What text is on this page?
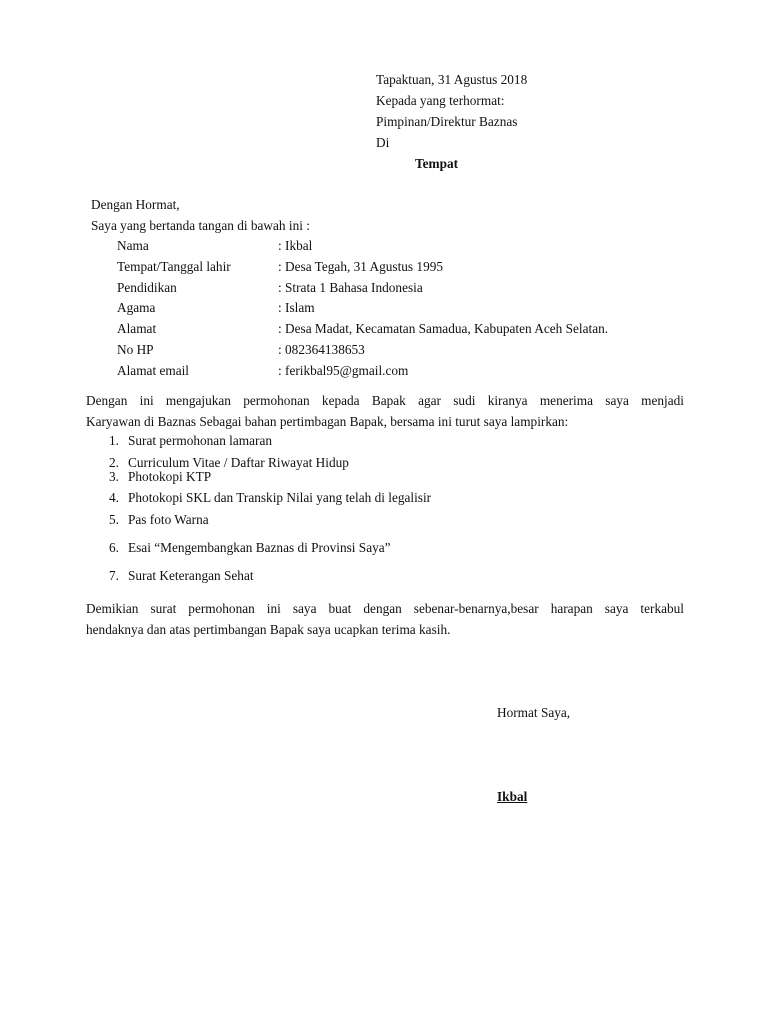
Tapaktuan, 31 Agustus 2018
Kepada yang terhormat:
Pimpinan/Direktur Baznas
Di
Tempat
Dengan Hormat,
Saya yang bertanda tangan di bawah ini :
Nama	: Ikbal
Tempat/Tanggal lahir	: Desa Tegah, 31 Agustus 1995
Pendidikan	: Strata 1 Bahasa Indonesia
Agama	: Islam
Alamat	: Desa Madat, Kecamatan Samadua, Kabupaten Aceh Selatan.
No HP	: 082364138653
Alamat email	: ferikbal95@gmail.com
Dengan ini mengajukan permohonan kepada Bapak agar sudi kiranya menerima saya menjadi
Karyawan di Baznas Sebagai bahan pertimbagan Bapak, bersama ini turut saya lampirkan:
1. Surat permohonan lamaran
2. Curriculum Vitae / Daftar Riwayat Hidup
3. Photokopi KTP
4. Photokopi SKL dan Transkip Nilai yang telah di legalisir
5. Pas foto Warna
6. Esai “Mengembangkan Baznas di Provinsi Saya”
7. Surat Keterangan Sehat
Demikian surat permohonan ini saya buat dengan sebenar-benarnya,besar harapan saya terkabul
hendaknya dan atas pertimbangan Bapak saya ucapkan terima kasih.
Hormat Saya,
Ikbal
